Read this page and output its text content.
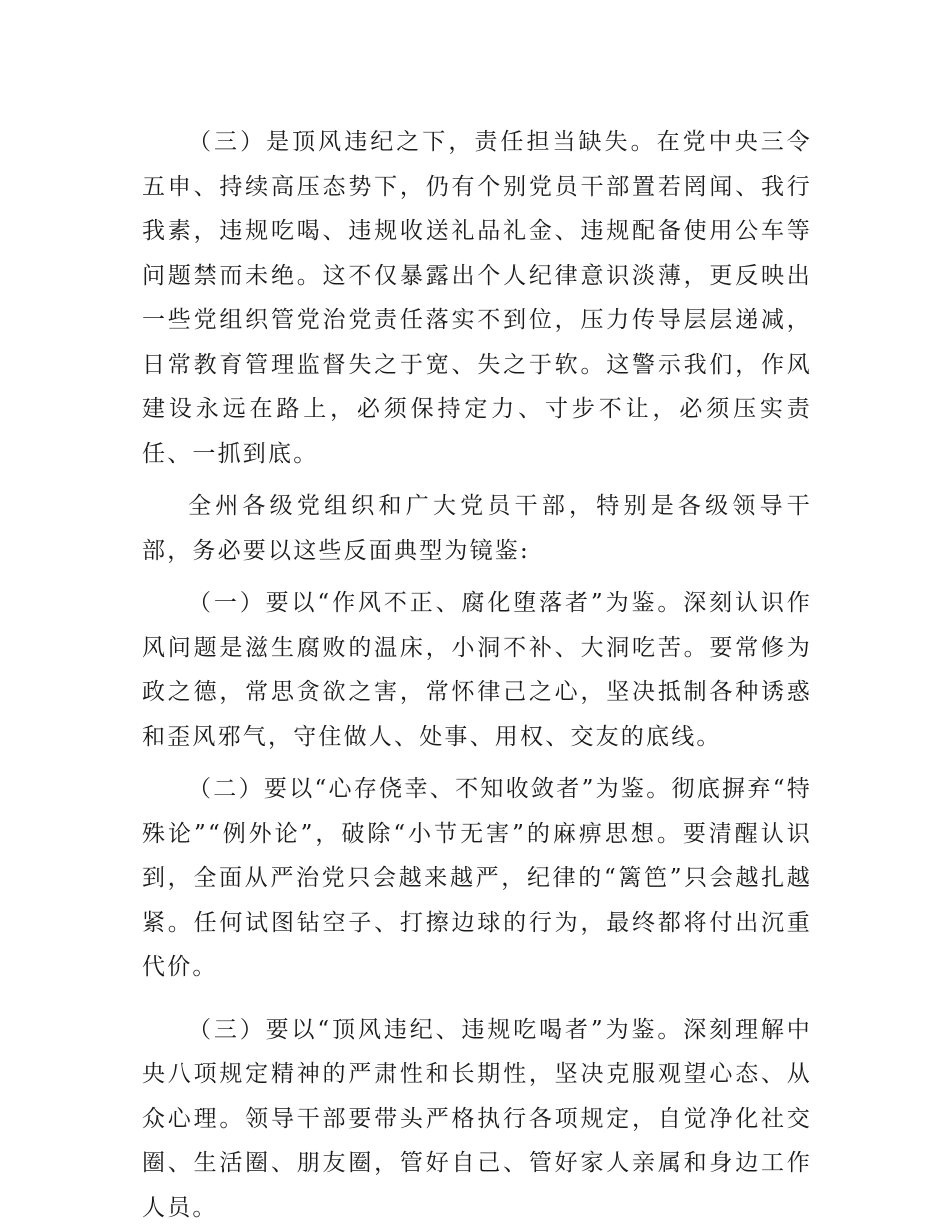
（三）是顶风违纪之下，责任担当缺失。在党中央三令五申、持续高压态势下，仍有个别党员干部置若罔闻、我行我素，违规吃喝、违规收送礼品礼金、违规配备使用公车等问题禁而未绝。这不仅暴露出个人纪律意识淡薄，更反映出一些党组织管党治党责任落实不到位，压力传导层层递减，日常教育管理监督失之于宽、失之于软。这警示我们，作风建设永远在路上，必须保持定力、寸步不让，必须压实责任、一抓到底。

全州各级党组织和广大党员干部，特别是各级领导干部，务必要以这些反面典型为镜鉴:

（一）要以“作风不正、腐化堕落者”为鉴。深刻认识作风问题是滋生腐败的温床，小洞不补、大洞吃苦。要常修为政之德，常思贪欲之害，常怀律己之心，坚决抵制各种诱惑和歪风邪气，守住做人、处事、用权、交友的底线。

（二）要以“心存侥幸、不知收敛者”为鉴。彻底摒弃“特殊论”“例外论”，破除“小节无害”的麻痹思想。要清醒认识到，全面从严治党只会越来越严，纪律的“篱笆”只会越扎越紧。任何试图钻空子、打擦边球的行为，最终都将付出沉重代价。

（三）要以“顶风违纪、违规吃喝者”为鉴。深刻理解中央八项规定精神的严肃性和长期性，坚决克服观望心态、从众心理。领导干部要带头严格执行各项规定，自觉净化社交圈、生活圈、朋友圈，管好自己、管好家人亲属和身边工作人员。
